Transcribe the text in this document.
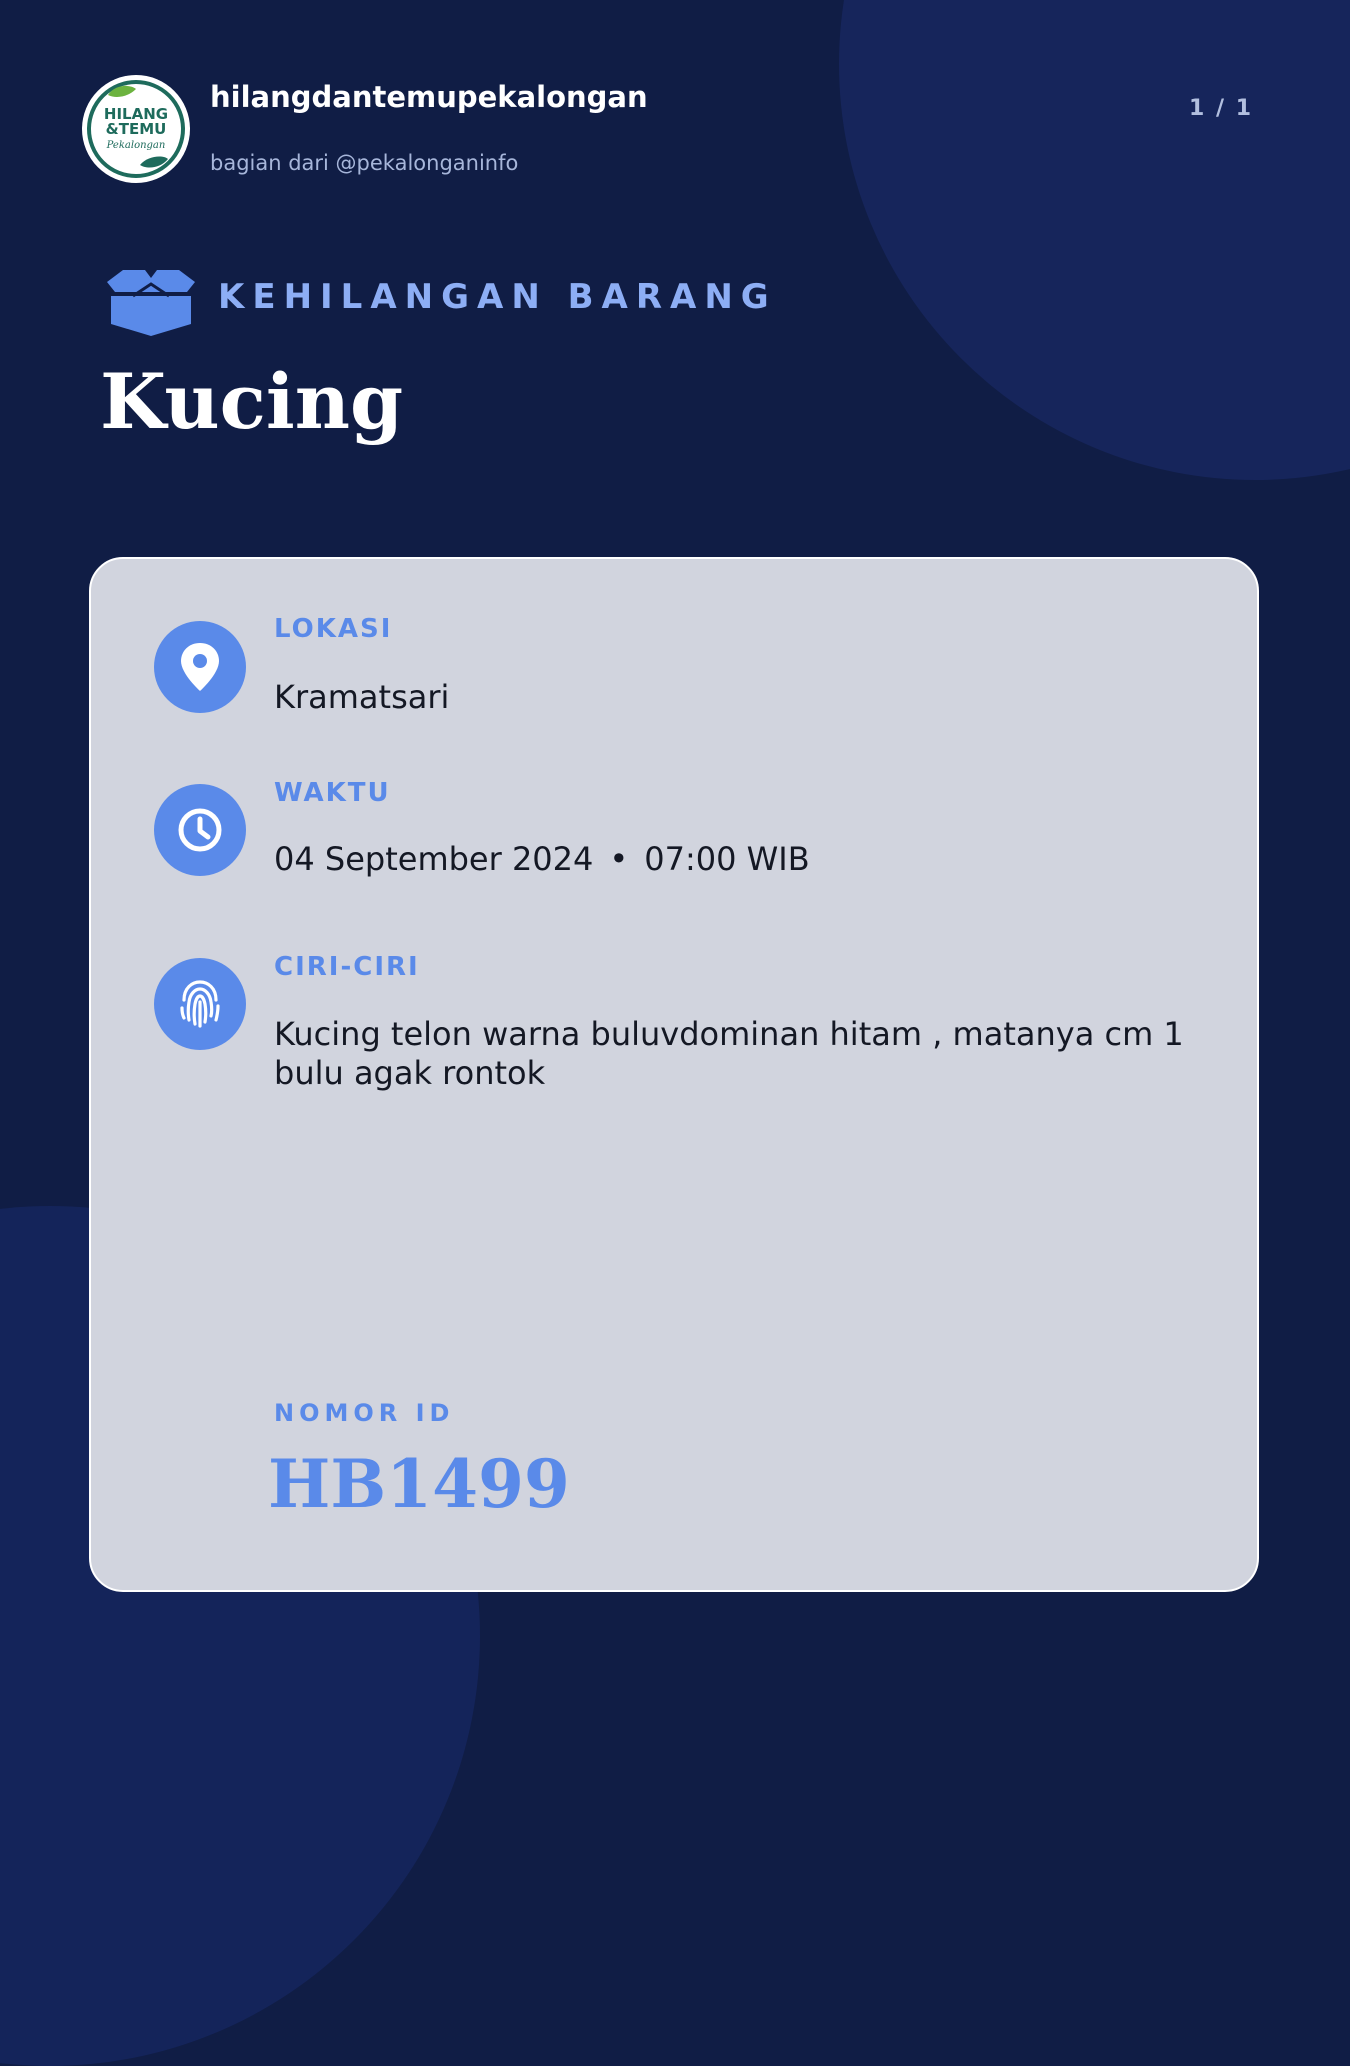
HILANG
&TEMU
Pekalongan
hilangdantemupekalongan
bagian dari @pekalonganinfo
1 / 1
KEHILANGAN BARANG
Kucing
LOKASI
Kramatsari
WAKTU
04 September 2024 • 07:00 WIB
CIRI-CIRI
Kucing telon warna buluvdominan hitam , matanya cm 1 bulu agak rontok
NOMOR ID
HB1499
